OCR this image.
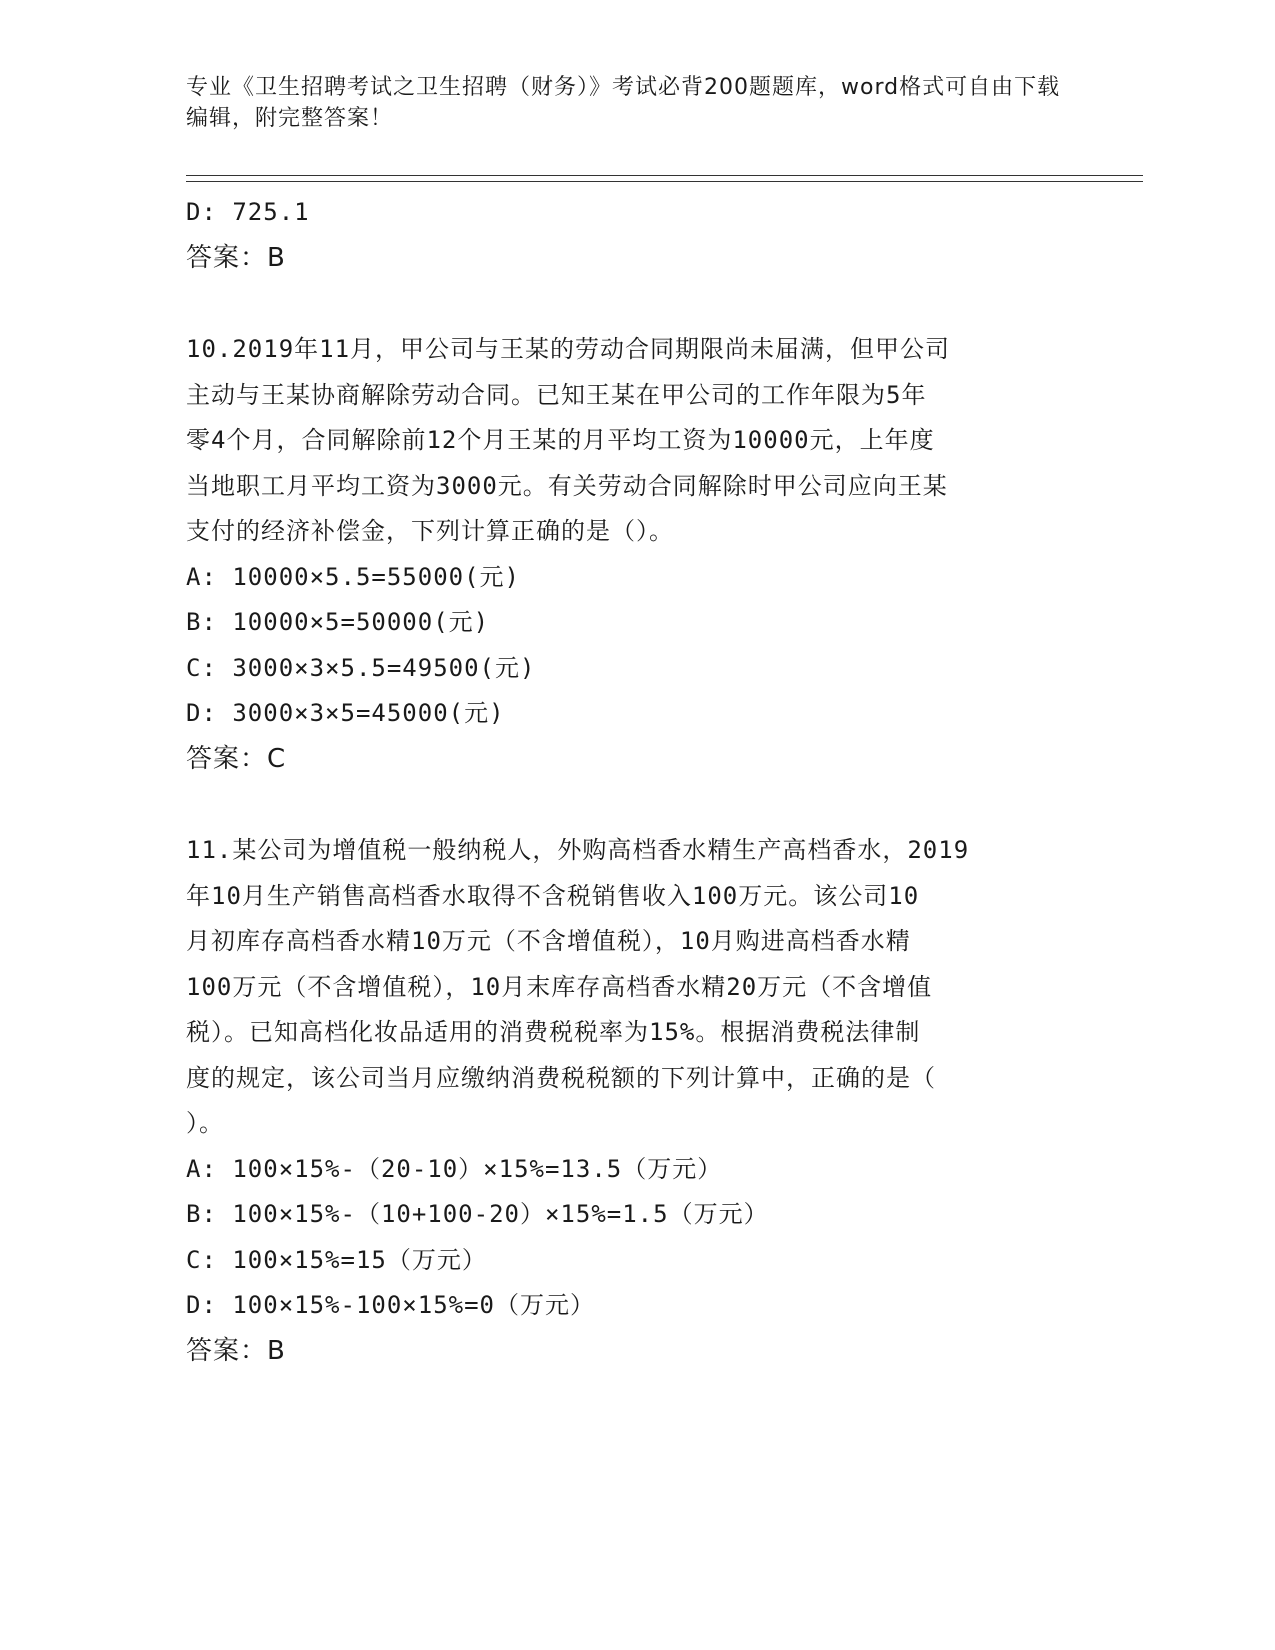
专业《卫生招聘考试之卫生招聘（财务）》考试必背200题题库，word格式可自由下载编辑，附完整答案！
D: 725.1
答案：B
10.2019年11月，甲公司与王某的劳动合同期限尚未届满，但甲公司
主动与王某协商解除劳动合同。已知王某在甲公司的工作年限为5年
零4个月，合同解除前12个月王某的月平均工资为10000元，上年度
当地职工月平均工资为3000元。有关劳动合同解除时甲公司应向王某
支付的经济补偿金，下列计算正确的是（）。
A: 10000×5.5=55000(元)
B: 10000×5=50000(元)
C: 3000×3×5.5=49500(元)
D: 3000×3×5=45000(元)
答案：C
11.某公司为增值税一般纳税人，外购高档香水精生产高档香水，2019
年10月生产销售高档香水取得不含税销售收入100万元。该公司10
月初库存高档香水精10万元（不含增值税），10月购进高档香水精
100万元（不含增值税），10月末库存高档香水精20万元（不含增值
税）。已知高档化妆品适用的消费税税率为15%。根据消费税法律制
度的规定，该公司当月应缴纳消费税税额的下列计算中，正确的是（
）。
A: 100×15%-（20-10）×15%=13.5（万元）
B: 100×15%-（10+100-20）×15%=1.5（万元）
C: 100×15%=15（万元）
D: 100×15%-100×15%=0（万元）
答案：B
